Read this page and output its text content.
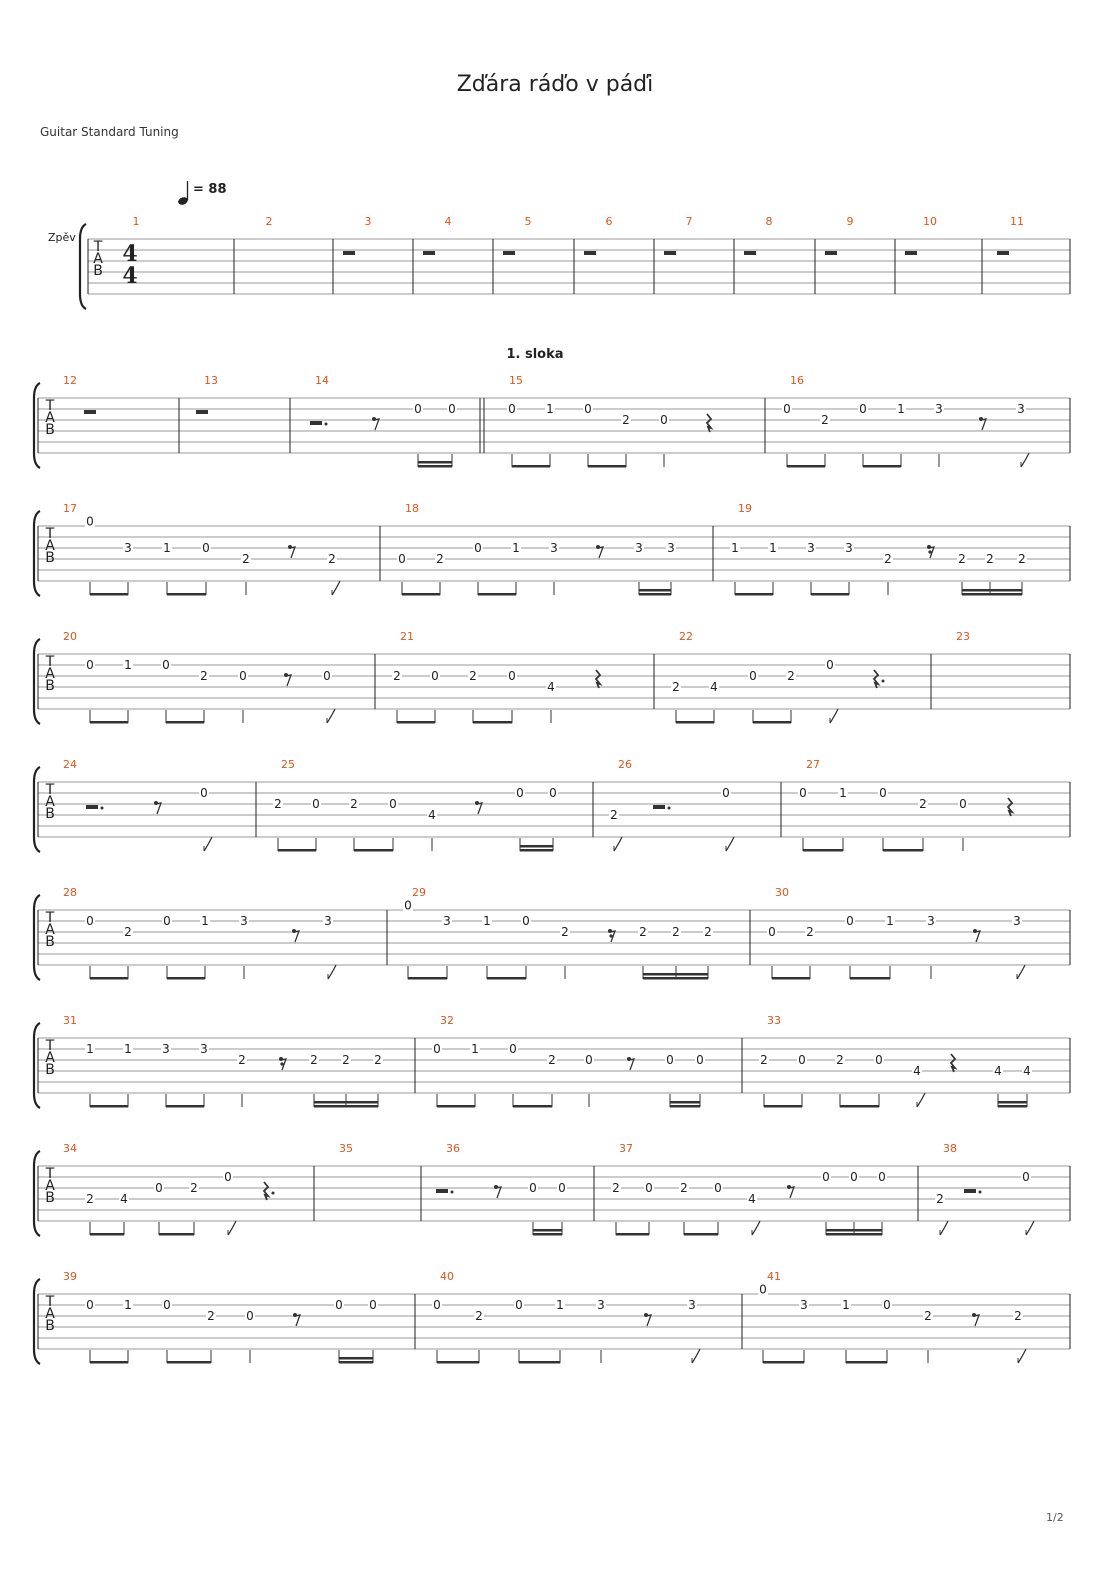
Zďára ráďo v páďi
Guitar Standard Tuning
1/2
= 88
1. sloka
Zpěv
T
A
B
4
4
1	2	3	4	5	6	7	8	9	10	11
T
A
B
12	13	14
0 0
15
0	1	0
2	0
16
0
2
0	1	3	3
T
A
B
17
0
3	1	0
2	2
18
0	2
0	1	3	3 3
19
1	1	3	3
2	2 2 2
T
A
B
20
0	1	0
2	0	0
21
2	0	2	0
4
22
2	4
0	2
0
23
T
A
B
24
0
25
2	0	2	0
4
0 0
26
2
0
27
0	1	0
2	0
T
A
B
28
0
2
0	1	3	3
29
0
3	1	0
2	2 2 2
30
0	2
0	1	3	3
T
A
B
31
1	1	3	3
2	2 2 2
32
0	1	0
2 0	0 0
33
2	0	2	0
4	4 4
T
A
B
34
2 4
0 2
0
35	36
0 0
37
2 0 2 0
4
0 0 0
38
2
0
T
A
B
39
0	1	0
2	0
0 0
40
0
2
0	1	3	3
41
0
3	1	0
2	2
